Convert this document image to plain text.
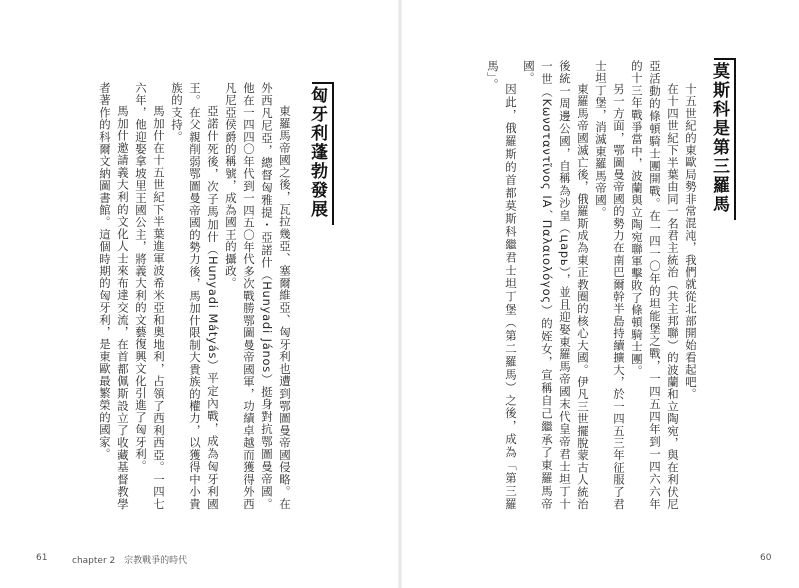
莫斯科是第三羅馬

十五世紀的東歐局勢非常混沌，我們就從北部開始看起吧。

在十四世紀下半葉由同一名君主統治（共主邦聯）的波蘭和立陶宛，與在利伏尼亞活動的條頓騎士團開戰。在一四一〇年的坦能堡之戰，一四五四年到一四六六年的十三年戰爭當中，波蘭與立陶宛聯軍擊敗了條頓騎士團。

另一方面，鄂圖曼帝國的勢力在南巴爾幹半島持續擴大，於一四五三年征服了君士坦丁堡，消滅東羅馬帝國。

東羅馬帝國滅亡後，俄羅斯成為東正教圈的核心大國。伊凡三世擺脫蒙古人統治後統一周邊公國，自稱為沙皇（царь），並且迎娶東羅馬帝國末代皇帝君士坦丁十一世（Κωνσταντῖνος ΙΑ΄ Παλαιολόγος）的姪女，宣稱自己繼承了東羅馬帝國。

因此，俄羅斯的首都莫斯科繼君士坦丁堡（第二羅馬）之後，成為「第三羅馬」。

匈牙利蓬勃發展

東羅馬帝國之後，瓦拉幾亞、塞爾維亞、匈牙利也遭到鄂圖曼帝國侵略。在外西凡尼亞，總督匈雅提・亞諾什（Hunyadi János）挺身對抗鄂圖曼帝國。他在一四四〇年代到一四五〇年代多次戰勝鄂圖曼帝國軍，功績卓越而獲得外西凡尼亞侯爵的稱號，成為國王的攝政。

亞諾什死後，次子馬加什（Hunyadi Mátyás）平定內戰，成為匈牙利國王。在父親削弱鄂圖曼帝國的勢力後，馬加什限制大貴族的權力，以獲得中小貴族的支持。

馬加什在十五世紀下半葉進軍波希米亞和奧地利，占領了西利西亞。一四七六年，他迎娶拿坡里王國公主，將義大利的文藝復興文化引進了匈牙利。

馬加什邀請義大利的文化人士來布達交流，在首都佩斯設立了收藏基督教學者著作的科爾文納圖書館。這個時期的匈牙利，是東歐最繁榮的國家。

61	chapter 2 宗教戰爭的時代	60
